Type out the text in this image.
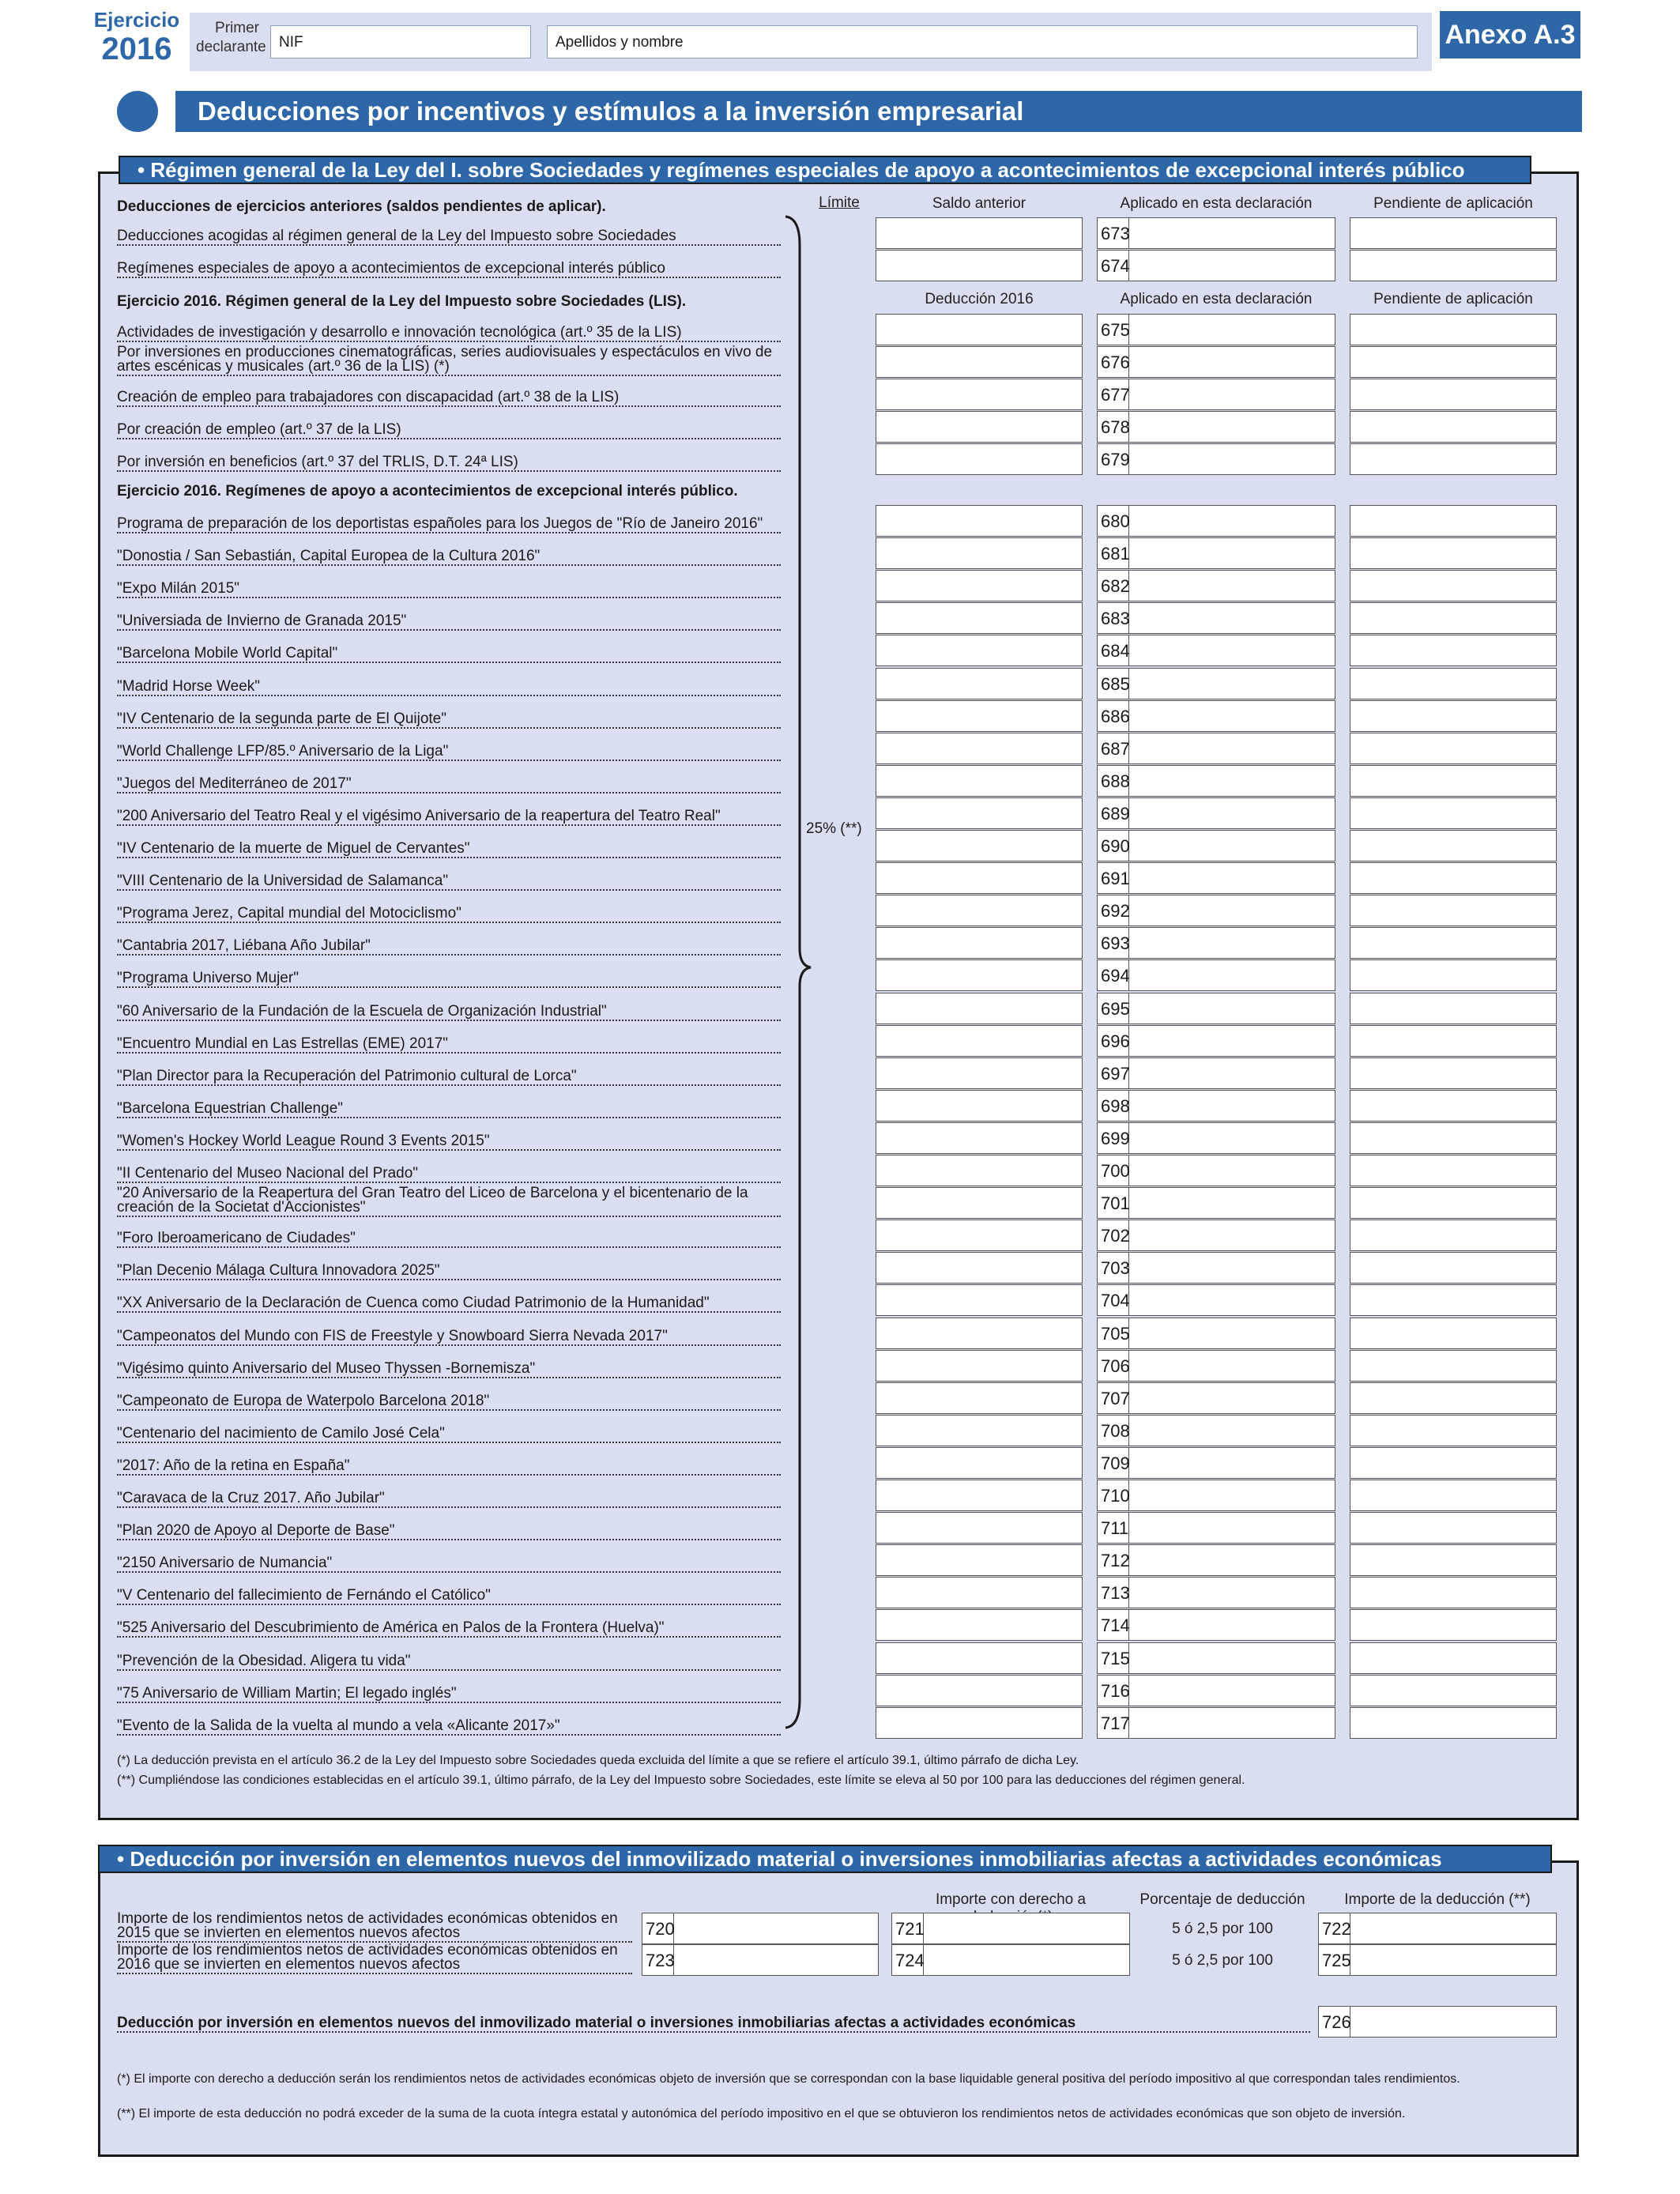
Ejercicio
2016
Primer declarante NIF	Apellidos y nombre	Anexo A.3
Deducciones por incentivos y estímulos a la inversión empresarial
• Régimen general de la Ley del I. sobre Sociedades y regímenes especiales de apoyo a acontecimientos de excepcional interés público
Límite
25% (**)
Deducciones de ejercicios anteriores (saldos pendientes de aplicar).	Saldo anterior	Aplicado en esta declaración	Pendiente de aplicación
Deducciones acogidas al régimen general de la Ley del Impuesto sobre Sociedades	673
Regímenes especiales de apoyo a acontecimientos de excepcional interés público	674
Ejercicio 2016. Régimen general de la Ley del Impuesto sobre Sociedades (LIS).	Deducción 2016	Aplicado en esta declaración	Pendiente de aplicación
Actividades de investigación y desarrollo e innovación tecnológica (art.º 35 de la LIS)	675
Por inversiones en producciones cinematográficas, series audiovisuales y espectáculos en vivo de
artes escénicas y musicales (art.º 36 de la LIS) (*)	676
Creación de empleo para trabajadores con discapacidad (art.º 38 de la LIS)	677
Por creación de empleo (art.º 37 de la LIS)	678
Por inversión en beneficios (art.º 37 del TRLIS, D.T. 24ª LIS)	679
Ejercicio 2016. Regímenes de apoyo a acontecimientos de excepcional interés público.
Programa de preparación de los deportistas españoles para los Juegos de "Río de Janeiro 2016"	680
"Donostia / San Sebastián, Capital Europea de la Cultura 2016"	681
"Expo Milán 2015"	682
"Universiada de Invierno de Granada 2015"	683
"Barcelona Mobile World Capital"	684
"Madrid Horse Week"	685
"IV Centenario de la segunda parte de El Quijote"	686
"World Challenge LFP/85.º Aniversario de la Liga"	687
"Juegos del Mediterráneo de 2017"	688
"200 Aniversario del Teatro Real y el vigésimo Aniversario de la reapertura del Teatro Real"	689
"IV Centenario de la muerte de Miguel de Cervantes"	690
"VIII Centenario de la Universidad de Salamanca"	691
"Programa Jerez, Capital mundial del Motociclismo"	692
"Cantabria 2017, Liébana Año Jubilar"	693
"Programa Universo Mujer"	694
"60 Aniversario de la Fundación de la Escuela de Organización Industrial"	695
"Encuentro Mundial en Las Estrellas (EME) 2017"	696
"Plan Director para la Recuperación del Patrimonio cultural de Lorca"	697
"Barcelona Equestrian Challenge"	698
"Women's Hockey World League Round 3 Events 2015"	699
"II Centenario del Museo Nacional del Prado"	700
"20 Aniversario de la Reapertura del Gran Teatro del Liceo de Barcelona y el bicentenario de la
creación de la Societat d'Accionistes"	701
"Foro Iberoamericano de Ciudades"	702
"Plan Decenio Málaga Cultura Innovadora 2025"	703
"XX Aniversario de la Declaración de Cuenca como Ciudad Patrimonio de la Humanidad"	704
"Campeonatos del Mundo con FIS de Freestyle y Snowboard Sierra Nevada 2017"	705
"Vigésimo quinto Aniversario del Museo Thyssen -Bornemisza"	706
"Campeonato de Europa de Waterpolo Barcelona 2018"	707
"Centenario del nacimiento de Camilo José Cela"	708
"2017: Año de la retina en España"	709
"Caravaca de la Cruz 2017. Año Jubilar"	710
"Plan 2020 de Apoyo al Deporte de Base"	711
"2150 Aniversario de Numancia"	712
"V Centenario del fallecimiento de Fernándo el Católico"	713
"525 Aniversario del Descubrimiento de América en Palos de la Frontera (Huelva)"	714
"Prevención de la Obesidad. Aligera tu vida"	715
"75 Aniversario de William Martin; El legado inglés"	716
"Evento de la Salida de la vuelta al mundo a vela «Alicante 2017»"	717
(*) La deducción prevista en el artículo 36.2 de la Ley del Impuesto sobre Sociedades queda excluida del límite a que se refiere el artículo 39.1, último párrafo de dicha Ley.
(**) Cumpliéndose las condiciones establecidas en el artículo 39.1, último párrafo, de la Ley del Impuesto sobre Sociedades, este límite se eleva al 50 por 100 para las deducciones del régimen general.
• Deducción por inversión en elementos nuevos del inmovilizado material o inversiones inmobiliarias afectas a actividades económicas
Importe con derecho a	Porcentaje de deducción	Importe de la deducción (**)
Importe de los rendimientos netos de actividades económicas obtenidos en
2015 que se invierten en elementos nuevos afectos	720	721	5 ó 2,5 por 100	722
Importe de los rendimientos netos de actividades económicas obtenidos en
2016 que se invierten en elementos nuevos afectos	723	724	5 ó 2,5 por 100	725
Deducción por inversión en elementos nuevos del inmovilizado material o inversiones inmobiliarias afectas a actividades económicas	726
(*) El importe con derecho a deducción serán los rendimientos netos de actividades económicas objeto de inversión que se correspondan con la base liquidable general positiva del período impositivo al que correspondan tales rendimientos.
(**) El importe de esta deducción no podrá exceder de la suma de la cuota íntegra estatal y autonómica del período impositivo en el que se obtuvieron los rendimientos netos de actividades económicas que son objeto de inversión.
